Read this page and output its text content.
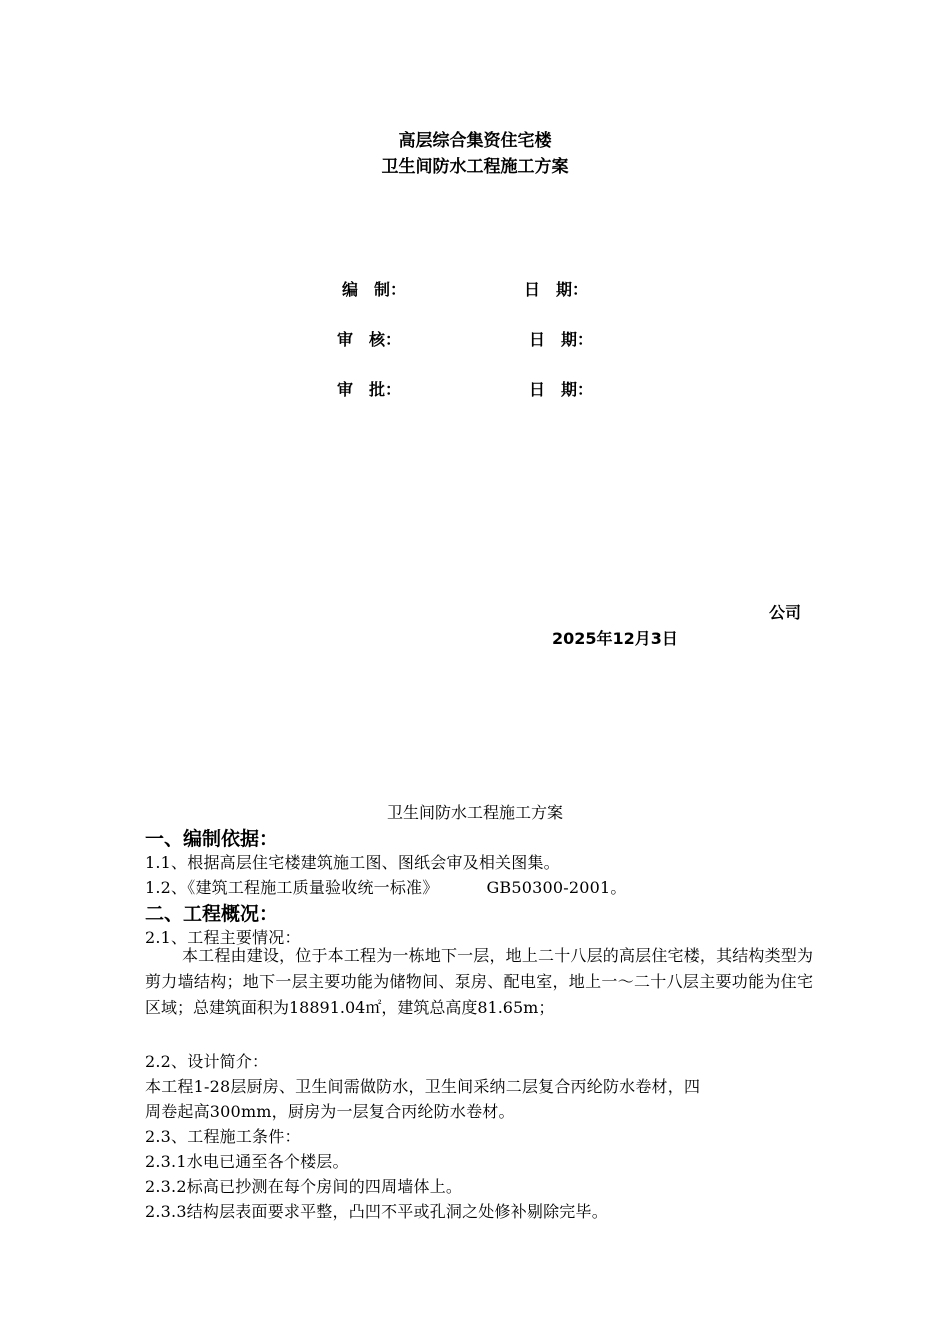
高层综合集资住宅楼
卫生间防水工程施工方案
编　制：	日　期：
审　核：	日　期：
审　批：	日　期：
公司
2025年12月3日
卫生间防水工程施工方案
一、编制依据：
1.1、根据高层住宅楼建筑施工图、图纸会审及相关图集。
1.2、《建筑工程施工质量验收统一标准》	GB50300-2001。
二、工程概况：
2.1、工程主要情况：
本工程由建设，位于本工程为一栋地下一层，地上二十八层的高层住宅楼，其结构类型为剪力墙结构；地下一层主要功能为储物间、泵房、配电室，地上一～二十八层主要功能为住宅区域；总建筑面积为18891.04㎡，建筑总高度81.65m；
2.2、设计简介：
本工程1-28层厨房、卫生间需做防水，卫生间采纳二层复合丙纶防水卷材，四
周卷起高300mm，厨房为一层复合丙纶防水卷材。
2.3、工程施工条件：
2.3.1水电已通至各个楼层。
2.3.2标高已抄测在每个房间的四周墙体上。
2.3.3结构层表面要求平整，凸凹不平或孔洞之处修补剔除完毕。
